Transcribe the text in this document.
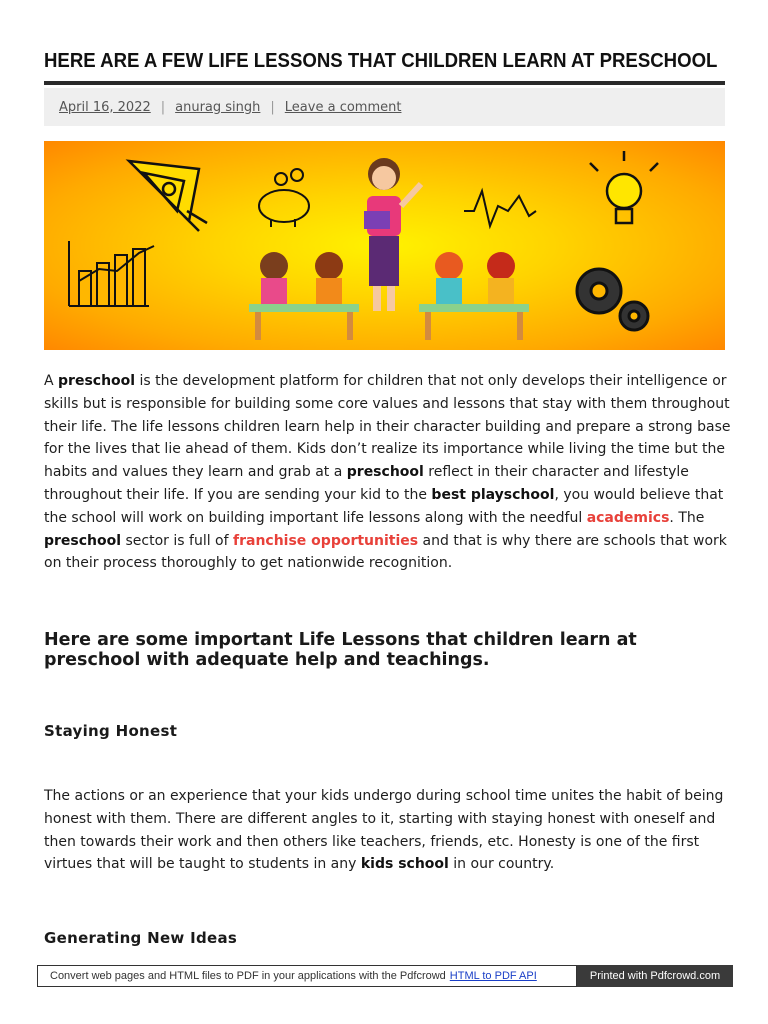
HERE ARE A FEW LIFE LESSONS THAT CHILDREN LEARN AT PRESCHOOL
April 16, 2022 | anurag singh | Leave a comment

A preschool is the development platform for children that not only develops their intelligence or skills but is responsible for building some core values and lessons that stay with them throughout their life. The life lessons children learn help in their character building and prepare a strong base for the lives that lie ahead of them. Kids don’t realize its importance while living the time but the habits and values they learn and grab at a preschool reflect in their character and lifestyle throughout their life. If you are sending your kid to the best playschool, you would believe that the school will work on building important life lessons along with the needful academics. The preschool sector is full of franchise opportunities and that is why there are schools that work on their process thoroughly to get nationwide recognition.

Here are some important Life Lessons that children learn at preschool with adequate help and teachings.
Staying Honest

The actions or an experience that your kids undergo during school time unites the habit of being honest with them. There are different angles to it, starting with staying honest with oneself and then towards their work and then others like teachers, friends, etc. Honesty is one of the first virtues that will be taught to students in any kids school in our country.

Generating New Ideas
Convert web pages and HTML files to PDF in your applications with the Pdfcrowd HTML to PDF API	Printed with Pdfcrowd.com
